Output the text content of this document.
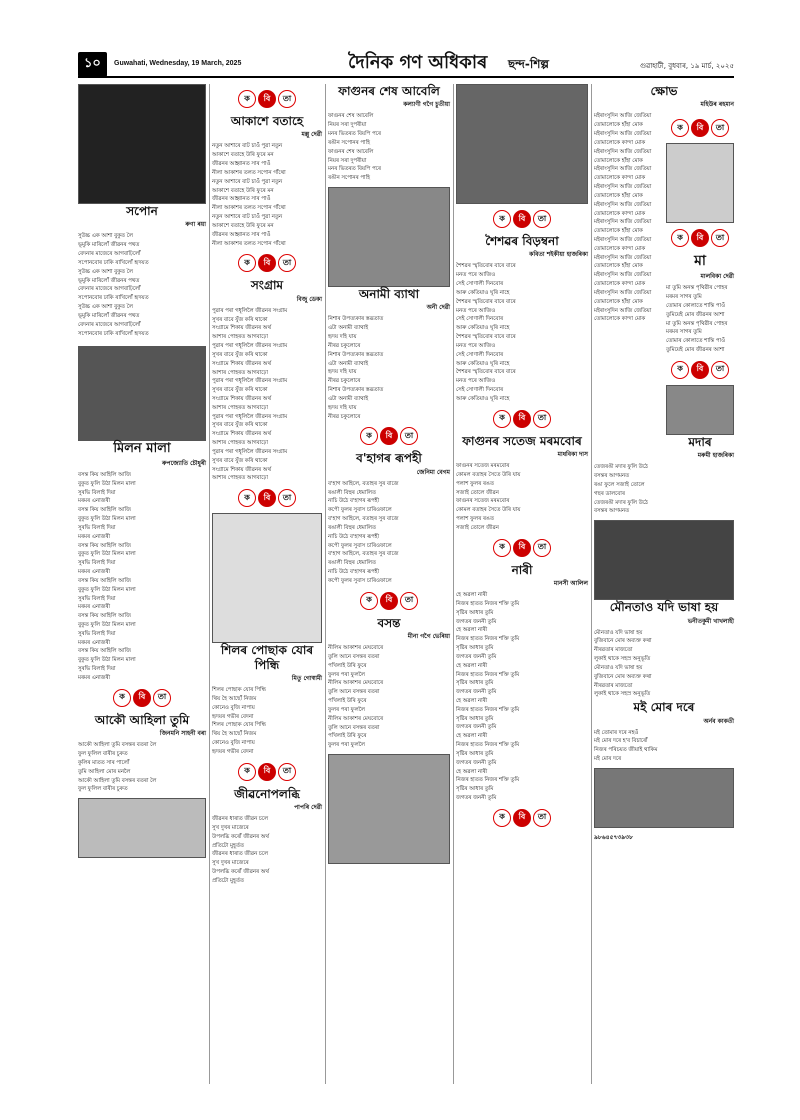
১০	Guwahati, Wednesday, 19 March, 2025	দৈনিক গণ অধিকাৰ ছন্দ-শিল্প	গুৱাহাটী, বুধবাৰ, ১৯ মাৰ্চ, ২০২৫
সপোন
ৰুণা ৰয়া

সুউচ্চ এক আশা বুকুত লৈ

ভূমুকি মাৰিলোঁ জীৱনৰ পথত

বেদনাৰ মাজেৰে আগবাঢ়িলোঁ

সপোনবোৰ ঢাকি ৰাখিলোঁ হৃদয়ত

সুউচ্চ এক আশা বুকুত লৈ

ভূমুকি মাৰিলোঁ জীৱনৰ পথত

বেদনাৰ মাজেৰে আগবাঢ়িলোঁ

সপোনবোৰ ঢাকি ৰাখিলোঁ হৃদয়ত

সুউচ্চ এক আশা বুকুত লৈ

ভূমুকি মাৰিলোঁ জীৱনৰ পথত

বেদনাৰ মাজেৰে আগবাঢ়িলোঁ

সপোনবোৰ ঢাকি ৰাখিলোঁ হৃদয়ত

মিলন মালা
ৰুপজ্যোতি চৌধুৰী

বসন্ত কিয় আহিলি আজি

বুকুত ফুলি উঠা মিলন মালা

সুৰভি বিলাই দিয়া

মৰমৰ এনাজৰী

বসন্ত কিয় আহিলি আজি

বুকুত ফুলি উঠা মিলন মালা

সুৰভি বিলাই দিয়া

মৰমৰ এনাজৰী

বসন্ত কিয় আহিলি আজি

বুকুত ফুলি উঠা মিলন মালা

সুৰভি বিলাই দিয়া

মৰমৰ এনাজৰী

বসন্ত কিয় আহিলি আজি

বুকুত ফুলি উঠা মিলন মালা

সুৰভি বিলাই দিয়া

মৰমৰ এনাজৰী

বসন্ত কিয় আহিলি আজি

বুকুত ফুলি উঠা মিলন মালা

সুৰভি বিলাই দিয়া

মৰমৰ এনাজৰী

বসন্ত কিয় আহিলি আজি

বুকুত ফুলি উঠা মিলন মালা

সুৰভি বিলাই দিয়া

মৰমৰ এনাজৰী

ক	বি	তা
আকৌ আহিলা তুমি
জিনমনি সাহনী বৰা

আকৌ আহিলা তুমি বসন্তৰ বতৰা লৈ

ফুল ফুলিল বাৰীৰ চুকত

কুলিৰ মাতত সাৰ পালোঁ

তুমি আহিলা মোৰ মনলৈ

আকৌ আহিলা তুমি বসন্তৰ বতৰা লৈ

ফুল ফুলিল বাৰীৰ চুকত

ক	বি	তা
আকাশে বতাহে
মল্লু দেৱী

নতুন আশাৰে বাট চাওঁ পুৱা নতুন

আকাশে বতাহে উৰি ফুৰে মন

জীৱনৰ আহ্বানত সাৰ পাওঁ

নীলা আকাশৰ তলত সপোন গাঁথো

নতুন আশাৰে বাট চাওঁ পুৱা নতুন

আকাশে বতাহে উৰি ফুৰে মন

জীৱনৰ আহ্বানত সাৰ পাওঁ

নীলা আকাশৰ তলত সপোন গাঁথো

নতুন আশাৰে বাট চাওঁ পুৱা নতুন

আকাশে বতাহে উৰি ফুৰে মন

জীৱনৰ আহ্বানত সাৰ পাওঁ

নীলা আকাশৰ তলত সপোন গাঁথো

ক	বি	তা
সংগ্ৰাম
বিজু ডেকা

পুৱাৰ পৰা গধূলিলৈ জীৱনৰ সংগ্ৰাম

সুখৰ বাবে যুঁজ কৰি থাকো

সংগ্ৰামে শিকায় জীৱনৰ অৰ্থ

আশাৰ পোহৰত আগবাঢ়ো

পুৱাৰ পৰা গধূলিলৈ জীৱনৰ সংগ্ৰাম

সুখৰ বাবে যুঁজ কৰি থাকো

সংগ্ৰামে শিকায় জীৱনৰ অৰ্থ

আশাৰ পোহৰত আগবাঢ়ো

পুৱাৰ পৰা গধূলিলৈ জীৱনৰ সংগ্ৰাম

সুখৰ বাবে যুঁজ কৰি থাকো

সংগ্ৰামে শিকায় জীৱনৰ অৰ্থ

আশাৰ পোহৰত আগবাঢ়ো

পুৱাৰ পৰা গধূলিলৈ জীৱনৰ সংগ্ৰাম

সুখৰ বাবে যুঁজ কৰি থাকো

সংগ্ৰামে শিকায় জীৱনৰ অৰ্থ

আশাৰ পোহৰত আগবাঢ়ো

পুৱাৰ পৰা গধূলিলৈ জীৱনৰ সংগ্ৰাম

সুখৰ বাবে যুঁজ কৰি থাকো

সংগ্ৰামে শিকায় জীৱনৰ অৰ্থ

আশাৰ পোহৰত আগবাঢ়ো

ক	বি	তা
শিলৰ পোছাক যোৰ পিন্ধি
মিতু গোস্বামী

শিলৰ পোছাক যোৰ পিন্ধি

থিয় হৈ আছোঁ নিজম

কোনেও বুজি নাপায়

হৃদয়ৰ গভীৰ বেদনা

শিলৰ পোছাক যোৰ পিন্ধি

থিয় হৈ আছোঁ নিজম

কোনেও বুজি নাপায়

হৃদয়ৰ গভীৰ বেদনা

ক	বি	তা
জীৱনোপলব্ধি
পাপৰি দেৱী

জীৱনৰ ধাৰাত জীৱন চলে

সুখ দুখৰ মাজেৰে

উপলব্ধি কৰোঁ জীৱনৰ অৰ্থ

প্ৰতিটো মুহূৰ্তত

জীৱনৰ ধাৰাত জীৱন চলে

সুখ দুখৰ মাজেৰে

উপলব্ধি কৰোঁ জীৱনৰ অৰ্থ

প্ৰতিটো মুহূৰ্তত

ফাগুনৰ শেষ আবেলি
কল্যাণী গগৈ চুতীয়া

ফাগুনৰ শেষ আবেলি

নিয়ৰ সৰা দুপৰীয়া

মনৰ ভিতৰত বিয়পি পৰে

ৰঙীন সপোনৰ পাহি

ফাগুনৰ শেষ আবেলি

নিয়ৰ সৰা দুপৰীয়া

মনৰ ভিতৰত বিয়পি পৰে

ৰঙীন সপোনৰ পাহি

অনামী ব্যাথা
অনী দেৱী

নিশাৰ উপত্যকাৰ স্তব্ধতাত

এটা অনামী ব্যাথাই

হৃদয় দহি যায়

নীৰৱ চকুলোৰে

নিশাৰ উপত্যকাৰ স্তব্ধতাত

এটা অনামী ব্যাথাই

হৃদয় দহি যায়

নীৰৱ চকুলোৰে

নিশাৰ উপত্যকাৰ স্তব্ধতাত

এটা অনামী ব্যাথাই

হৃদয় দহি যায়

নীৰৱ চকুলোৰে

ক	বি	তা
ব'হাগৰ ৰূপহী
জেনিমা বেগম

ব'হাগ আহিলে, বতাহৰ সুৰ বাজে

ৰঙালী বিহুৰ ধেমালিত

নাচি উঠে ব'হাগৰ ৰূপহী

কপৌ ফুলৰ সুবাস চাৰিওফালে

ব'হাগ আহিলে, বতাহৰ সুৰ বাজে

ৰঙালী বিহুৰ ধেমালিত

নাচি উঠে ব'হাগৰ ৰূপহী

কপৌ ফুলৰ সুবাস চাৰিওফালে

ব'হাগ আহিলে, বতাহৰ সুৰ বাজে

ৰঙালী বিহুৰ ধেমালিত

নাচি উঠে ব'হাগৰ ৰূপহী

কপৌ ফুলৰ সুবাস চাৰিওফালে

ক	বি	তা
বসন্ত
মীনা গগৈ ভেৰিয়া

নীলিম আকাশৰ মেঘবোৰে

তুলি আনে বসন্তৰ বতৰা

পখিলাই উৰি ফুৰে

ফুলৰ পৰা ফুললৈ

নীলিম আকাশৰ মেঘবোৰে

তুলি আনে বসন্তৰ বতৰা

পখিলাই উৰি ফুৰে

ফুলৰ পৰা ফুললৈ

নীলিম আকাশৰ মেঘবোৰে

তুলি আনে বসন্তৰ বতৰা

পখিলাই উৰি ফুৰে

ফুলৰ পৰা ফুললৈ

ক	বি	তা
শৈশৱৰ বিড়ম্বনা
কবিতা শইকীয়া হাজৰিকা

শৈশৱৰ স্মৃতিবোৰ বাৰে বাৰে

মনত পৰে আজিও

সেই সোণালী দিনবোৰ

আৰু কেতিয়াও ঘূৰি নাহে

শৈশৱৰ স্মৃতিবোৰ বাৰে বাৰে

মনত পৰে আজিও

সেই সোণালী দিনবোৰ

আৰু কেতিয়াও ঘূৰি নাহে

শৈশৱৰ স্মৃতিবোৰ বাৰে বাৰে

মনত পৰে আজিও

সেই সোণালী দিনবোৰ

আৰু কেতিয়াও ঘূৰি নাহে

শৈশৱৰ স্মৃতিবোৰ বাৰে বাৰে

মনত পৰে আজিও

সেই সোণালী দিনবোৰ

আৰু কেতিয়াও ঘূৰি নাহে

ক	বি	তা
ফাগুনৰ সতেজ মৰমবোৰ
মাধবিকা দাস

ফাগুনৰ সতেজ মৰমবোৰ

কোমল বতাহৰ সৈতে উৰি যায়

পলাশ ফুলৰ ৰঙত

সজাই তোলে জীৱন

ফাগুনৰ সতেজ মৰমবোৰ

কোমল বতাহৰ সৈতে উৰি যায়

পলাশ ফুলৰ ৰঙত

সজাই তোলে জীৱন

ক	বি	তা
নাৰী
মানসী আলিল

হে অৱলা নাৰী

নিজৰ হাতত নিজৰ শক্তি তুমি

সৃষ্টিৰ আধাৰ তুমি

জগতৰ জননী তুমি

হে অৱলা নাৰী

নিজৰ হাতত নিজৰ শক্তি তুমি

সৃষ্টিৰ আধাৰ তুমি

জগতৰ জননী তুমি

হে অৱলা নাৰী

নিজৰ হাতত নিজৰ শক্তি তুমি

সৃষ্টিৰ আধাৰ তুমি

জগতৰ জননী তুমি

হে অৱলা নাৰী

নিজৰ হাতত নিজৰ শক্তি তুমি

সৃষ্টিৰ আধাৰ তুমি

জগতৰ জননী তুমি

হে অৱলা নাৰী

নিজৰ হাতত নিজৰ শক্তি তুমি

সৃষ্টিৰ আধাৰ তুমি

জগতৰ জননী তুমি

হে অৱলা নাৰী

নিজৰ হাতত নিজৰ শক্তি তুমি

সৃষ্টিৰ আধাৰ তুমি

জগতৰ জননী তুমি

ক	বি	তা
ক্ষোভ
মহিউৰ ৰহমান

মইৰাংসুদিন আজি জেতিয়া

তোমালোকে হাঁহা মোক

মইৰাংসুদিন আজি জেতিয়া

তোমালোকে কান্দা মোক

মইৰাংসুদিন আজি জেতিয়া

তোমালোকে হাঁহা মোক

মইৰাংসুদিন আজি জেতিয়া

তোমালোকে কান্দা মোক

মইৰাংসুদিন আজি জেতিয়া

তোমালোকে হাঁহা মোক

মইৰাংসুদিন আজি জেতিয়া

তোমালোকে কান্দা মোক

মইৰাংসুদিন আজি জেতিয়া

তোমালোকে হাঁহা মোক

মইৰাংসুদিন আজি জেতিয়া

তোমালোকে কান্দা মোক

মইৰাংসুদিন আজি জেতিয়া

তোমালোকে হাঁহা মোক

মইৰাংসুদিন আজি জেতিয়া

তোমালোকে কান্দা মোক

মইৰাংসুদিন আজি জেতিয়া

তোমালোকে হাঁহা মোক

মইৰাংসুদিন আজি জেতিয়া

তোমালোকে কান্দা মোক

ক	বি	তা
ক	বি	তা
মা
মালবিকা দেৱী

মা তুমি অনন্ত পৃথিৱীৰ পোহৰ

মৰমৰ সাগৰ তুমি

তোমাৰ কোলাতে শান্তি পাওঁ

তুমিয়েই মোৰ জীৱনৰ আশা

মা তুমি অনন্ত পৃথিৱীৰ পোহৰ

মৰমৰ সাগৰ তুমি

তোমাৰ কোলাতে শান্তি পাওঁ

তুমিয়েই মোৰ জীৱনৰ আশা

ক	বি	তা
মদাৰ
মৰুমী হাজৰিকা

তেজৰঙী মদাৰ ফুলি উঠে

বসন্তৰ আগমনত

ৰঙা ফুলে সজাই তোলে

গছৰ ডালবোৰ

তেজৰঙী মদাৰ ফুলি উঠে

বসন্তৰ আগমনত

মৌনতাও যদি ভাষা হয়
ভনীতকুমী খাখলাহী

মৌনতাও যদি ভাষা হয়

বুজিবানে মোৰ অব্যক্ত কথা

নীৰৱতাৰ মাজতো

লুকাই থাকে সহস্ৰ অনুভূতি

মৌনতাও যদি ভাষা হয়

বুজিবানে মোৰ অব্যক্ত কথা

নীৰৱতাৰ মাজতো

লুকাই থাকে সহস্ৰ অনুভূতি

মই মোৰ দৰে
অৰ্নব কাকতী

মই তোমাৰ দৰে নহওঁ

মই মোৰ দৰে হ'ব বিচাৰোঁ

নিজৰ পৰিচয়ত জীয়াই থাকিম

মই মোৰ দৰে

৯৮৬৪৫৭৩৯৩৮
